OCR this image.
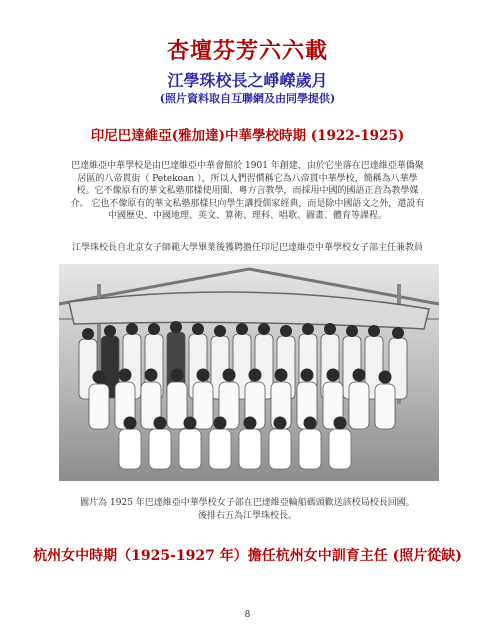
杏壇芬芳六六載
江學珠校長之崢嶸歲月
(照片資料取自互聯網及由同學提供)
印尼巴達維亞(雅加達)中華學校時期 (1922-1925)
巴達維亞中華學校是由巴達維亞中華會館於 1901 年創建，由於它坐落在巴達維亞華僑聚居區的八帝貫街（ Petekoan ），所以人們習慣稱它為八帝貫中華學校，簡稱為八華學校。它不像原有的華文私塾那樣使用閩、粵方言教學，而採用中國的國語正音為教學媒介。 它也不像原有的華文私塾那樣只向學生講授儒家經典，而是除中國語文之外，還設有中國歷史、中國地理、英文、算術、理科、唱歌、圖畫、體育等課程。
江學珠校長自北京女子師範大學畢業後獲聘擔任印尼巴達維亞中華學校女子部主任兼教員
圖片為 1925 年巴達維亞中華學校女子部在巴達維亞輪船碼頭歡送該校局校長回國。
後排右五為江學珠校長。
杭州女中時期（1925-1927 年）擔任杭州女中訓育主任 (照片從缺)
8
